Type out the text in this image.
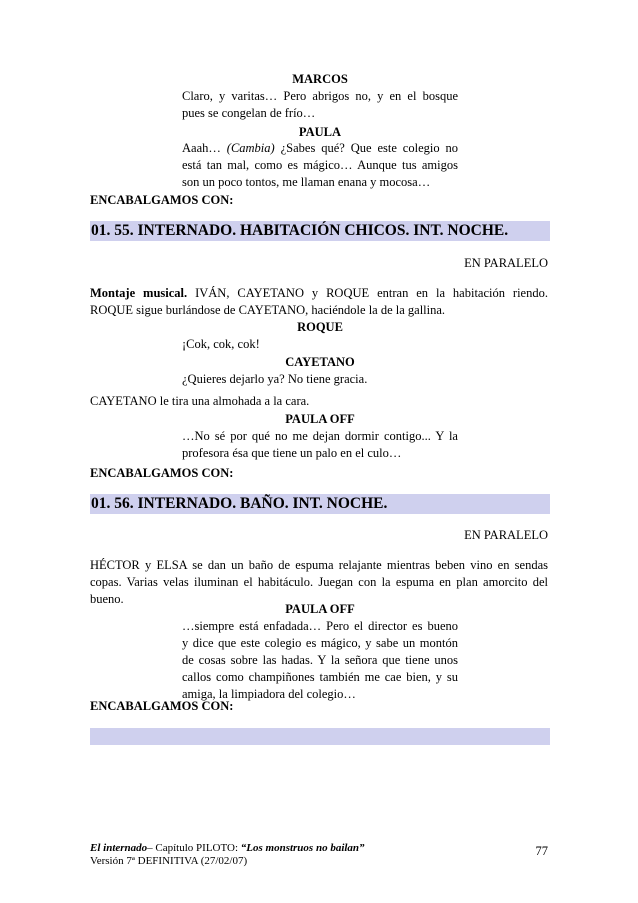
MARCOS
Claro, y varitas… Pero abrigos no, y en el bosque
pues se congelan de frío…
PAULA
Aaah… (Cambia) ¿Sabes qué? Que este colegio no
está tan mal, como es mágico… Aunque tus amigos
son un poco tontos, me llaman enana y mocosa…
ENCABALGAMOS CON:
01. 55. INTERNADO. HABITACIÓN CHICOS. INT. NOCHE.
EN PARALELO
Montaje musical. IVÁN, CAYETANO y ROQUE entran en la habitación riendo.
ROQUE sigue burlándose de CAYETANO, haciéndole la de la gallina.
ROQUE
¡Cok, cok, cok!
CAYETANO
¿Quieres dejarlo ya? No tiene gracia.
CAYETANO le tira una almohada a la cara.
PAULA OFF
…No sé por qué no me dejan dormir contigo... Y la
profesora ésa que tiene un palo en el culo…
ENCABALGAMOS CON:
01. 56. INTERNADO. BAÑO. INT. NOCHE.
EN PARALELO
HÉCTOR y ELSA se dan un baño de espuma relajante mientras beben vino en sendas
copas. Varias velas iluminan el habitáculo. Juegan con la espuma en plan amorcito del
bueno.
PAULA OFF
…siempre está enfadada… Pero el director es bueno
y dice que este colegio es mágico, y sabe un montón
de cosas sobre las hadas. Y la señora que tiene unos
callos como champiñones también me cae bien, y su
amiga, la limpiadora del colegio…
ENCABALGAMOS CON:
El internado– Capítulo PILOTO: “Los monstruos no bailan”
Versión 7ª DEFINITIVA (27/02/07)
77
